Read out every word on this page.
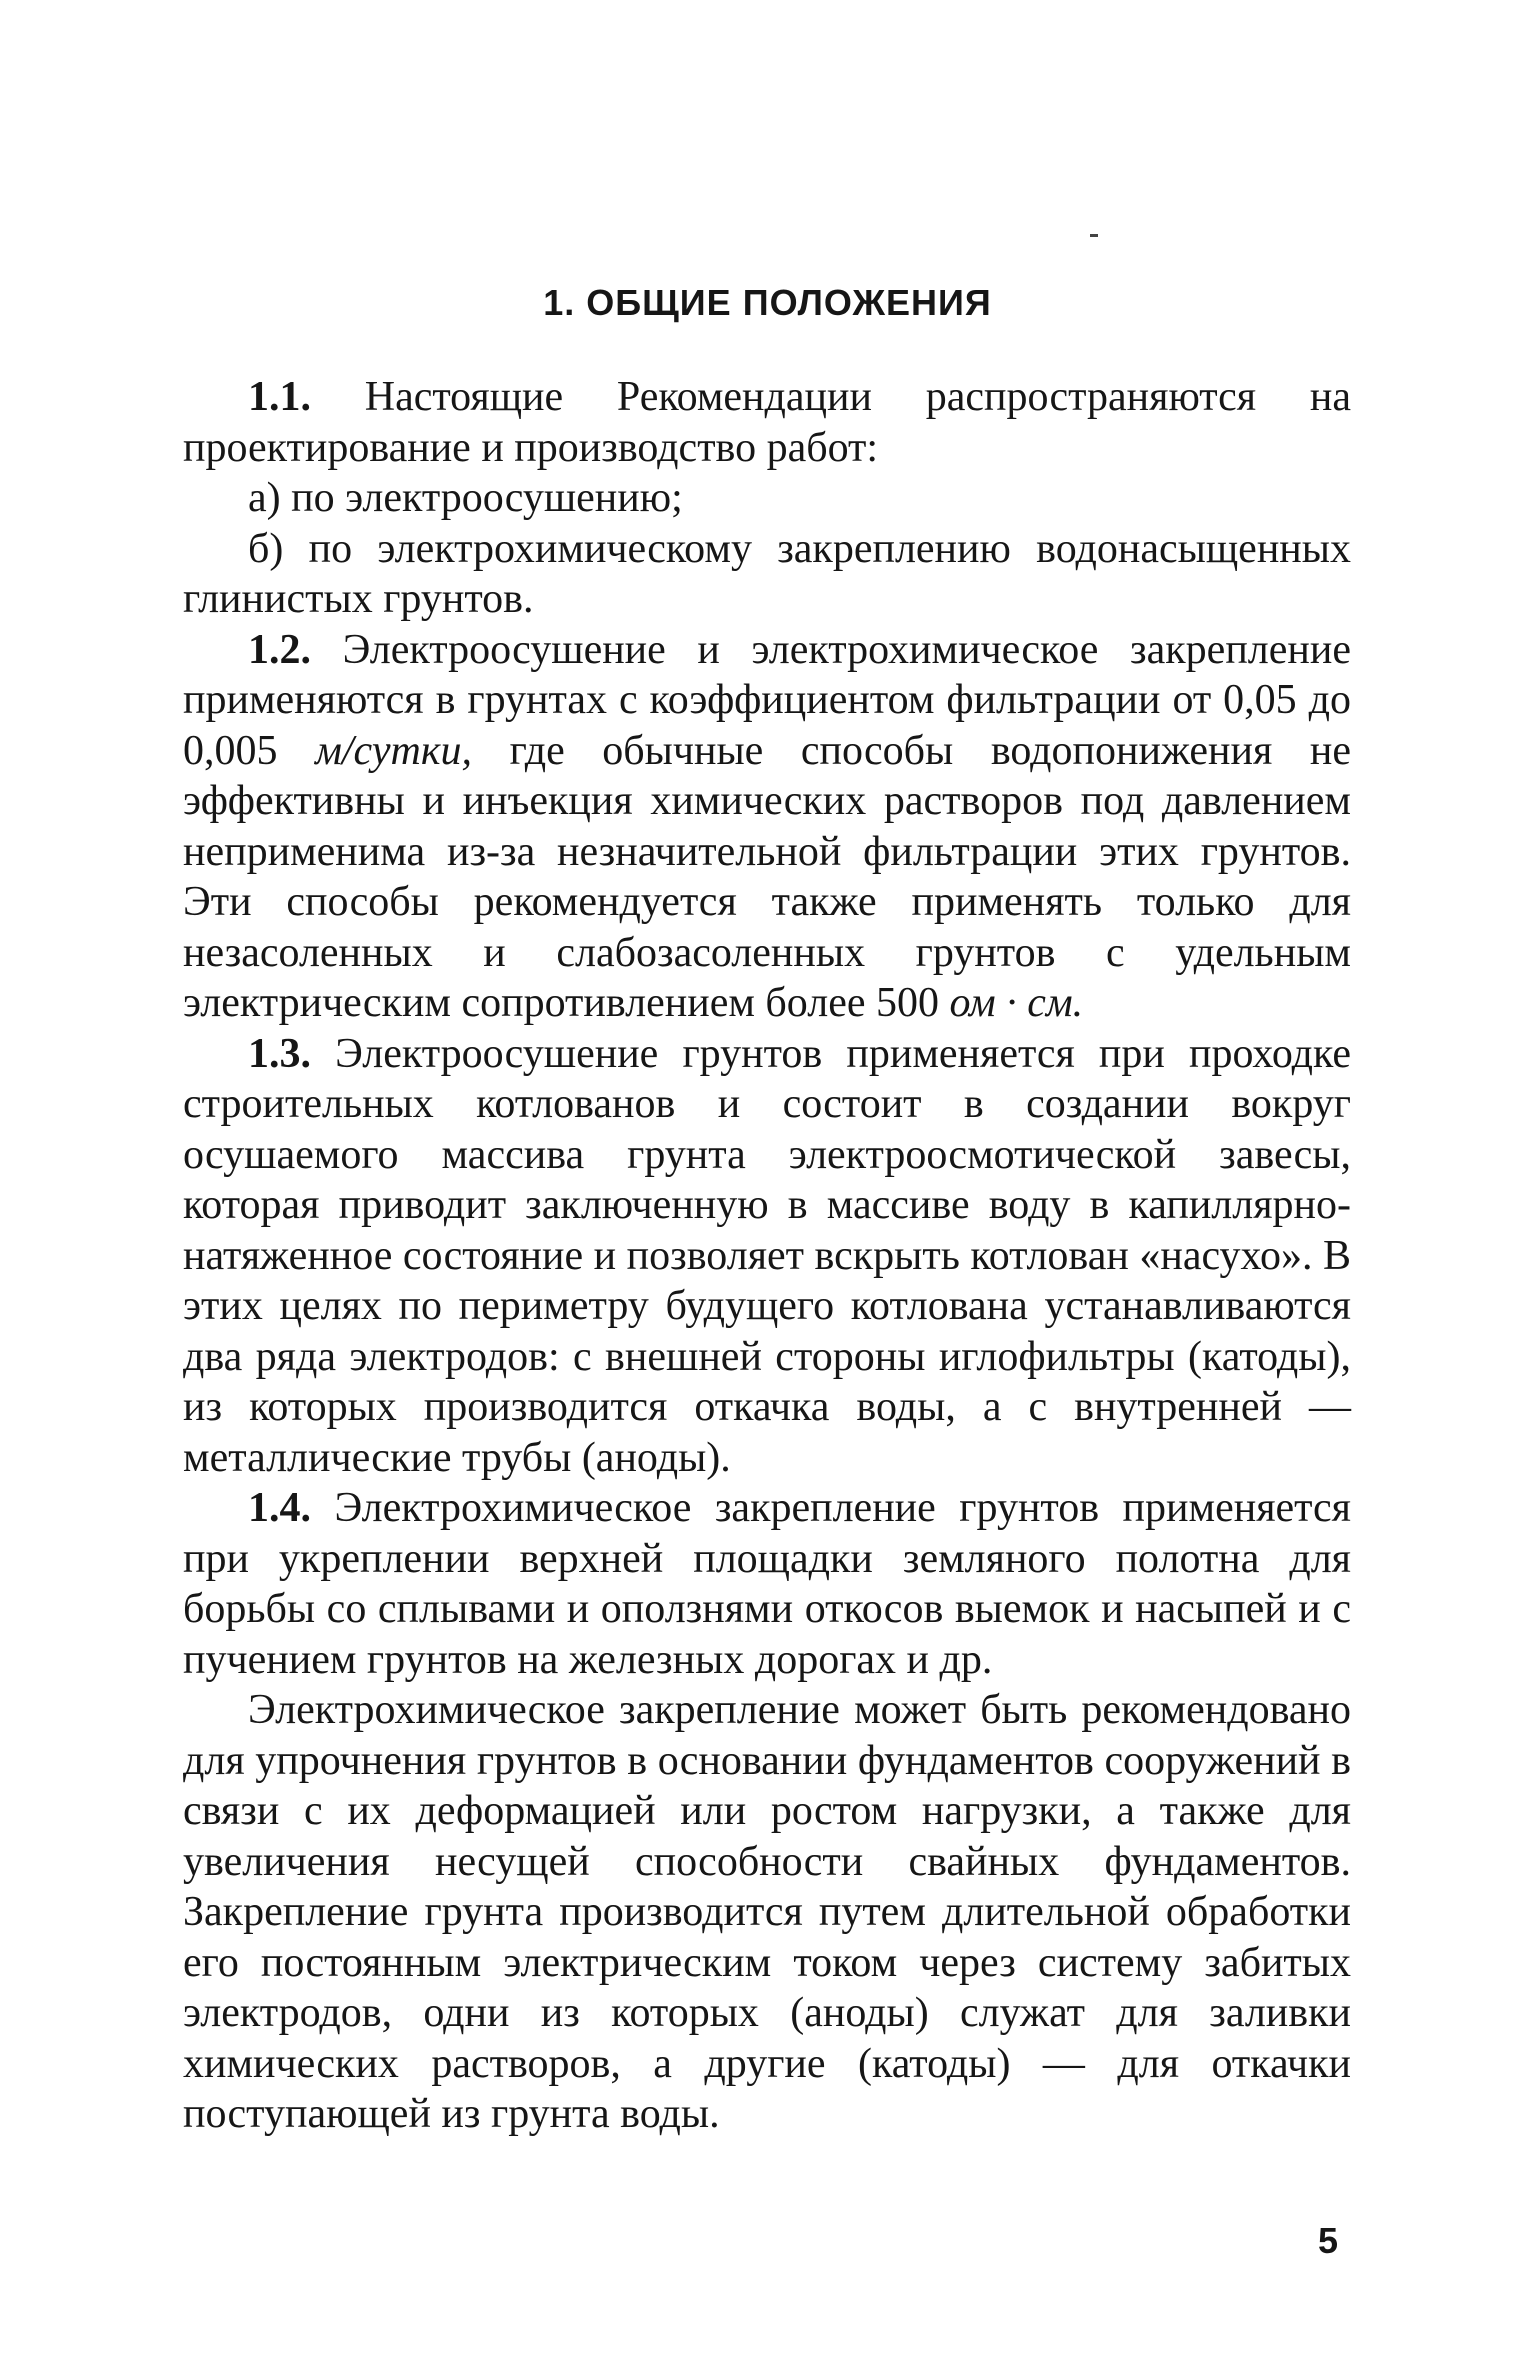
1. ОБЩИЕ ПОЛОЖЕНИЯ

1.1. Настоящие Рекомендации распространяются на проектирование и производство работ:

а) по электроосушению;

б) по электрохимическому закреплению водонасыщенных глинистых грунтов.

1.2. Электроосушение и электрохимическое закрепление применяются в грунтах с коэффициентом фильтрации от 0,05 до 0,005 м/сутки, где обычные способы водопонижения не эффективны и инъекция химических растворов под давлением неприменима из-за незначительной фильтрации этих грунтов. Эти способы рекомендуется также применять только для незасоленных и слабозасоленных грунтов с удельным электрическим сопротивлением более 500 ом · см.

1.3. Электроосушение грунтов применяется при проходке строительных котлованов и состоит в создании вокруг осушаемого массива грунта электроосмотической завесы, которая приводит заключенную в массиве воду в капиллярно-натяженное состояние и позволяет вскрыть котлован «насухо». В этих целях по периметру будущего котлована устанавливаются два ряда электродов: с внешней стороны иглофильтры (катоды), из которых производится откачка воды, а с внутренней — металлические трубы (аноды).

1.4. Электрохимическое закрепление грунтов применяется при укреплении верхней площадки земляного полотна для борьбы со сплывами и оползнями откосов выемок и насыпей и с пучением грунтов на железных дорогах и др.

Электрохимическое закрепление может быть рекомендовано для упрочнения грунтов в основании фундаментов сооружений в связи с их деформацией или ростом нагрузки, а также для увеличения несущей способности свайных фундаментов. Закрепление грунта производится путем длительной обработки его постоянным электрическим током через систему забитых электродов, одни из которых (аноды) служат для заливки химических растворов, а другие (катоды) — для откачки поступающей из грунта воды.

5
